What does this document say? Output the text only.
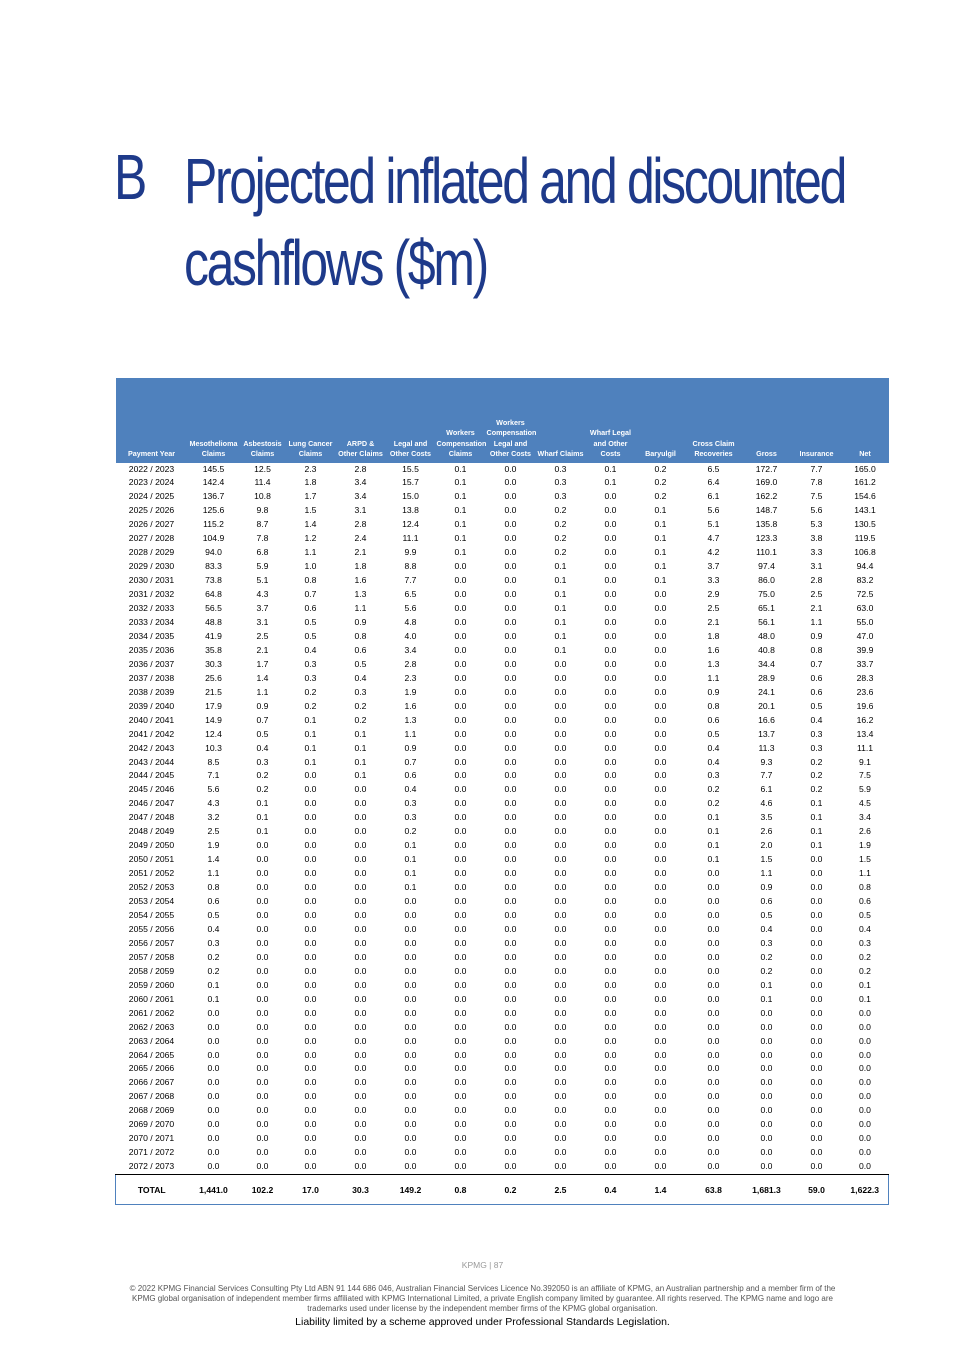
B Projected inflated and discounted
cashflows ($m)
Payment Year	Mesothelioma Claims	Asbestosis Claims	Lung Cancer Claims	ARPD & Other Claims	Legal and Other Costs	Workers Compensation Claims	Workers Compensation Legal and Other Costs	Wharf Claims	Wharf Legal and Other Costs	Baryulgil	Cross Claim Recoveries	Gross	Insurance	Net
2022 / 2023	145.5	12.5	2.3	2.8	15.5	0.1	0.0	0.3	0.1	0.2	6.5	172.7	7.7	165.0
2023 / 2024	142.4	11.4	1.8	3.4	15.7	0.1	0.0	0.3	0.1	0.2	6.4	169.0	7.8	161.2
2024 / 2025	136.7	10.8	1.7	3.4	15.0	0.1	0.0	0.3	0.0	0.2	6.1	162.2	7.5	154.6
2025 / 2026	125.6	9.8	1.5	3.1	13.8	0.1	0.0	0.2	0.0	0.1	5.6	148.7	5.6	143.1
2026 / 2027	115.2	8.7	1.4	2.8	12.4	0.1	0.0	0.2	0.0	0.1	5.1	135.8	5.3	130.5
2027 / 2028	104.9	7.8	1.2	2.4	11.1	0.1	0.0	0.2	0.0	0.1	4.7	123.3	3.8	119.5
2028 / 2029	94.0	6.8	1.1	2.1	9.9	0.1	0.0	0.2	0.0	0.1	4.2	110.1	3.3	106.8
2029 / 2030	83.3	5.9	1.0	1.8	8.8	0.0	0.0	0.1	0.0	0.1	3.7	97.4	3.1	94.4
2030 / 2031	73.8	5.1	0.8	1.6	7.7	0.0	0.0	0.1	0.0	0.1	3.3	86.0	2.8	83.2
2031 / 2032	64.8	4.3	0.7	1.3	6.5	0.0	0.0	0.1	0.0	0.0	2.9	75.0	2.5	72.5
2032 / 2033	56.5	3.7	0.6	1.1	5.6	0.0	0.0	0.1	0.0	0.0	2.5	65.1	2.1	63.0
2033 / 2034	48.8	3.1	0.5	0.9	4.8	0.0	0.0	0.1	0.0	0.0	2.1	56.1	1.1	55.0
2034 / 2035	41.9	2.5	0.5	0.8	4.0	0.0	0.0	0.1	0.0	0.0	1.8	48.0	0.9	47.0
2035 / 2036	35.8	2.1	0.4	0.6	3.4	0.0	0.0	0.1	0.0	0.0	1.6	40.8	0.8	39.9
2036 / 2037	30.3	1.7	0.3	0.5	2.8	0.0	0.0	0.0	0.0	0.0	1.3	34.4	0.7	33.7
2037 / 2038	25.6	1.4	0.3	0.4	2.3	0.0	0.0	0.0	0.0	0.0	1.1	28.9	0.6	28.3
2038 / 2039	21.5	1.1	0.2	0.3	1.9	0.0	0.0	0.0	0.0	0.0	0.9	24.1	0.6	23.6
2039 / 2040	17.9	0.9	0.2	0.2	1.6	0.0	0.0	0.0	0.0	0.0	0.8	20.1	0.5	19.6
2040 / 2041	14.9	0.7	0.1	0.2	1.3	0.0	0.0	0.0	0.0	0.0	0.6	16.6	0.4	16.2
2041 / 2042	12.4	0.5	0.1	0.1	1.1	0.0	0.0	0.0	0.0	0.0	0.5	13.7	0.3	13.4
2042 / 2043	10.3	0.4	0.1	0.1	0.9	0.0	0.0	0.0	0.0	0.0	0.4	11.3	0.3	11.1
2043 / 2044	8.5	0.3	0.1	0.1	0.7	0.0	0.0	0.0	0.0	0.0	0.4	9.3	0.2	9.1
2044 / 2045	7.1	0.2	0.0	0.1	0.6	0.0	0.0	0.0	0.0	0.0	0.3	7.7	0.2	7.5
2045 / 2046	5.6	0.2	0.0	0.0	0.4	0.0	0.0	0.0	0.0	0.0	0.2	6.1	0.2	5.9
2046 / 2047	4.3	0.1	0.0	0.0	0.3	0.0	0.0	0.0	0.0	0.0	0.2	4.6	0.1	4.5
2047 / 2048	3.2	0.1	0.0	0.0	0.3	0.0	0.0	0.0	0.0	0.0	0.1	3.5	0.1	3.4
2048 / 2049	2.5	0.1	0.0	0.0	0.2	0.0	0.0	0.0	0.0	0.0	0.1	2.6	0.1	2.6
2049 / 2050	1.9	0.0	0.0	0.0	0.1	0.0	0.0	0.0	0.0	0.0	0.1	2.0	0.1	1.9
2050 / 2051	1.4	0.0	0.0	0.0	0.1	0.0	0.0	0.0	0.0	0.0	0.1	1.5	0.0	1.5
2051 / 2052	1.1	0.0	0.0	0.0	0.1	0.0	0.0	0.0	0.0	0.0	0.0	1.1	0.0	1.1
2052 / 2053	0.8	0.0	0.0	0.0	0.1	0.0	0.0	0.0	0.0	0.0	0.0	0.9	0.0	0.8
2053 / 2054	0.6	0.0	0.0	0.0	0.0	0.0	0.0	0.0	0.0	0.0	0.0	0.6	0.0	0.6
2054 / 2055	0.5	0.0	0.0	0.0	0.0	0.0	0.0	0.0	0.0	0.0	0.0	0.5	0.0	0.5
2055 / 2056	0.4	0.0	0.0	0.0	0.0	0.0	0.0	0.0	0.0	0.0	0.0	0.4	0.0	0.4
2056 / 2057	0.3	0.0	0.0	0.0	0.0	0.0	0.0	0.0	0.0	0.0	0.0	0.3	0.0	0.3
2057 / 2058	0.2	0.0	0.0	0.0	0.0	0.0	0.0	0.0	0.0	0.0	0.0	0.2	0.0	0.2
2058 / 2059	0.2	0.0	0.0	0.0	0.0	0.0	0.0	0.0	0.0	0.0	0.0	0.2	0.0	0.2
2059 / 2060	0.1	0.0	0.0	0.0	0.0	0.0	0.0	0.0	0.0	0.0	0.0	0.1	0.0	0.1
2060 / 2061	0.1	0.0	0.0	0.0	0.0	0.0	0.0	0.0	0.0	0.0	0.0	0.1	0.0	0.1
2061 / 2062	0.0	0.0	0.0	0.0	0.0	0.0	0.0	0.0	0.0	0.0	0.0	0.0	0.0	0.0
2062 / 2063	0.0	0.0	0.0	0.0	0.0	0.0	0.0	0.0	0.0	0.0	0.0	0.0	0.0	0.0
2063 / 2064	0.0	0.0	0.0	0.0	0.0	0.0	0.0	0.0	0.0	0.0	0.0	0.0	0.0	0.0
2064 / 2065	0.0	0.0	0.0	0.0	0.0	0.0	0.0	0.0	0.0	0.0	0.0	0.0	0.0	0.0
2065 / 2066	0.0	0.0	0.0	0.0	0.0	0.0	0.0	0.0	0.0	0.0	0.0	0.0	0.0	0.0
2066 / 2067	0.0	0.0	0.0	0.0	0.0	0.0	0.0	0.0	0.0	0.0	0.0	0.0	0.0	0.0
2067 / 2068	0.0	0.0	0.0	0.0	0.0	0.0	0.0	0.0	0.0	0.0	0.0	0.0	0.0	0.0
2068 / 2069	0.0	0.0	0.0	0.0	0.0	0.0	0.0	0.0	0.0	0.0	0.0	0.0	0.0	0.0
2069 / 2070	0.0	0.0	0.0	0.0	0.0	0.0	0.0	0.0	0.0	0.0	0.0	0.0	0.0	0.0
2070 / 2071	0.0	0.0	0.0	0.0	0.0	0.0	0.0	0.0	0.0	0.0	0.0	0.0	0.0	0.0
2071 / 2072	0.0	0.0	0.0	0.0	0.0	0.0	0.0	0.0	0.0	0.0	0.0	0.0	0.0	0.0
2072 / 2073	0.0	0.0	0.0	0.0	0.0	0.0	0.0	0.0	0.0	0.0	0.0	0.0	0.0	0.0
TOTAL	1,441.0	102.2	17.0	30.3	149.2	0.8	0.2	2.5	0.4	1.4	63.8	1,681.3	59.0	1,622.3
KPMG | 87
© 2022 KPMG Financial Services Consulting Pty Ltd ABN 91 144 686 046, Australian Financial Services Licence No.392050 is an affiliate of KPMG, an Australian partnership and a member firm of the KPMG global organisation of independent member firms affiliated with KPMG International Limited, a private English company limited by guarantee. All rights reserved. The KPMG name and logo are trademarks used under license by the independent member firms of the KPMG global organisation.
Liability limited by a scheme approved under Professional Standards Legislation.
